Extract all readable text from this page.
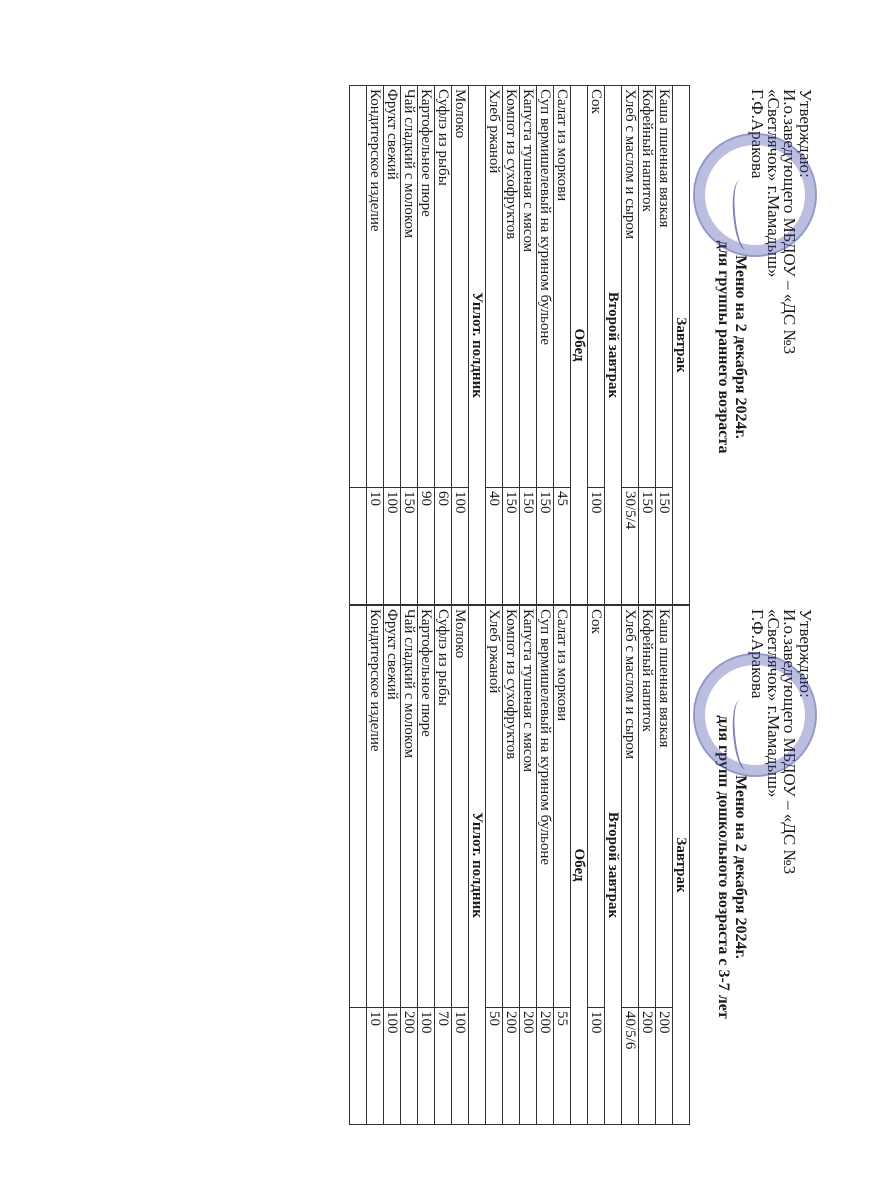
Утверждаю:
И.о.заведующего МБДОУ – «ДС №3
«Светлячок» г.Мамадыш»
Г.Ф.Аракова
Меню на 2 декабря 2024г.
для группы раннего возраста
Завтрак	
Каша пшенная вязкая	150
Кофейный напиток	150
Хлеб с маслом и сыром	30/5/4
Второй завтрак	
Сок	100
Обед	
Салат из моркови	45
Суп вермишелевый на курином бульоне	150
Капуста тушеная с мясом	150
Компот из сухофруктов	150
Хлеб ржаной	40
Уплот. полдник	
Молоко	100
Суфлэ из рыбы	60
Картофельное пюре	90
Чай сладкий с молоком	150
Фрукт свежий	100
Кондитерское изделие	10

Утверждаю:
И.о.заведующего МБДОУ – «ДС №3
«Светлячок» г.Мамадыш»
Г.Ф.Аракова
Меню на 2 декабря 2024г.
для групп дошкольного возраста с 3-7 лет
Завтрак	
Каша пшенная вязкая	200
Кофейный напиток	200
Хлеб с маслом и сыром	40/5/6
Второй завтрак	
Сок	100
Обед	
Салат из моркови	55
Суп вермишелевый на курином бульоне	200
Капуста тушеная с мясом	200
Компот из сухофруктов	200
Хлеб ржаной	50
Уплот. полдник	
Молоко	100
Суфлэ из рыбы	70
Картофельное пюре	100
Чай сладкий с молоком	200
Фрукт свежий	100
Кондитерское изделие	10
